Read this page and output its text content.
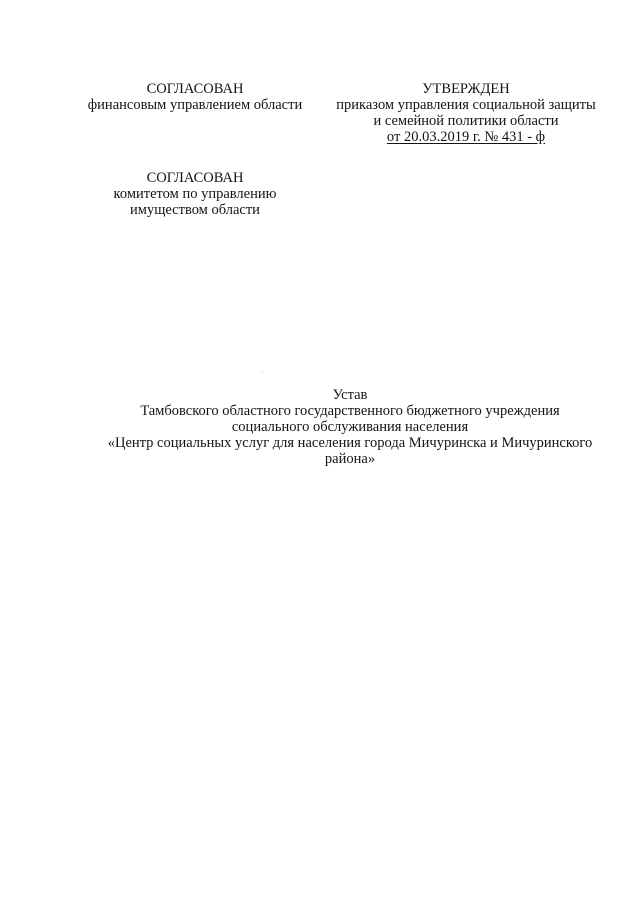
СОГЛАСОВАН
финансовым управлением области
УТВЕРЖДЕН
приказом управления социальной защиты
и семейной политики области
от 20.03.2019 г. № 431 - ф
СОГЛАСОВАН
комитетом по управлению
имуществом области
Устав
Тамбовского областного государственного бюджетного учреждения
социального обслуживания населения
«Центр социальных услуг для населения города Мичуринска и Мичуринского
района»
